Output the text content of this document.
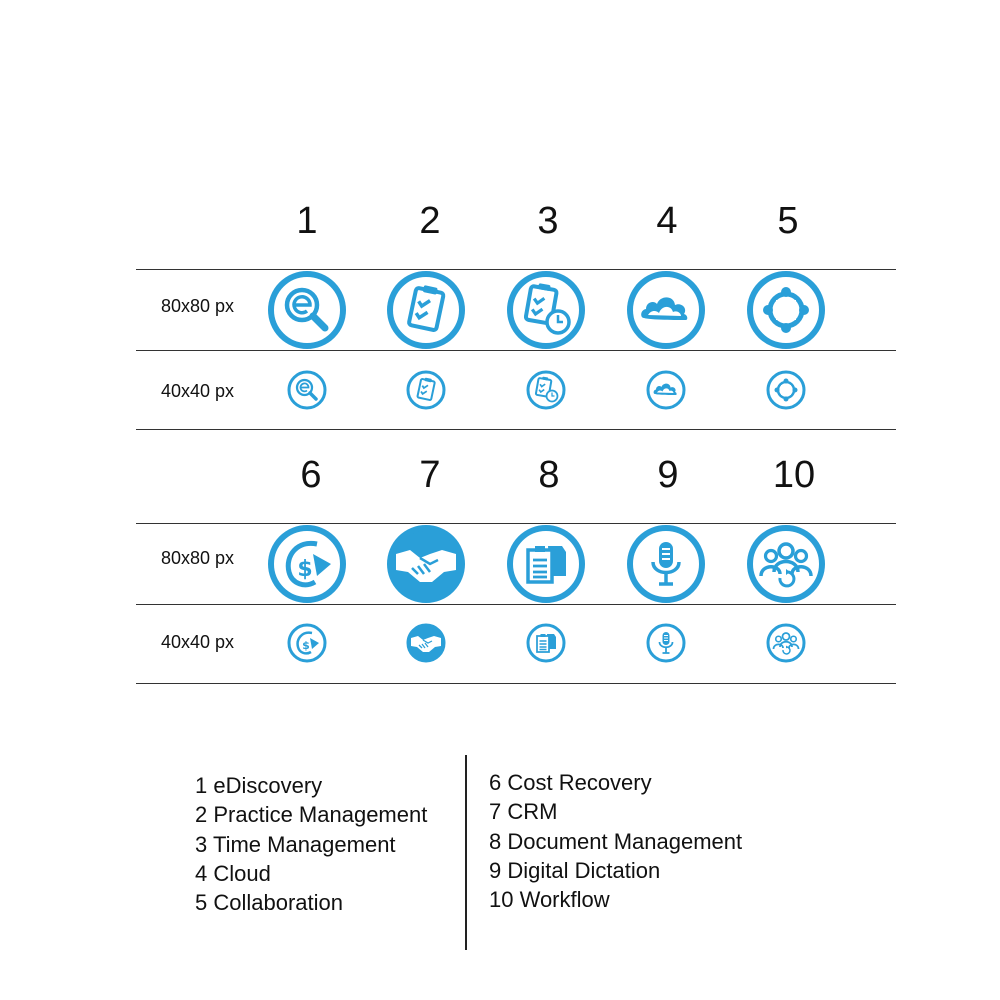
1	2	3	4	5
80x80 px
40x40 px
6	7	8	9	10
80x80 px
40x40 px
1 eDiscovery
2 Practice Management
3 Time Management
4 Cloud
5 Collaboration
6 Cost Recovery
7 CRM
8 Document Management
9 Digital Dictation
10 Workflow
